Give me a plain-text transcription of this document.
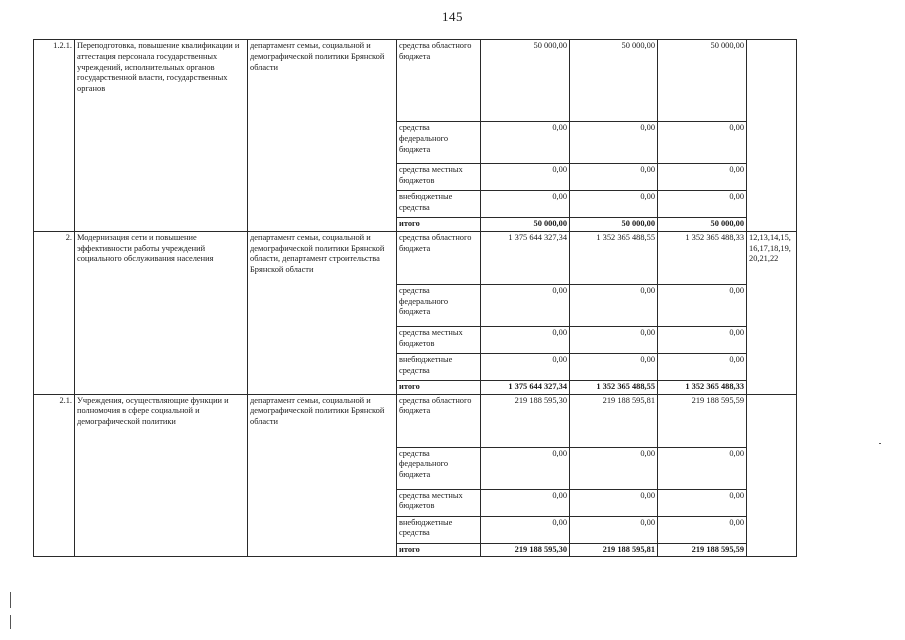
145
1.2.1.	Переподготовка, повышение квалификации и аттестация персонала государственных учреждений, исполнительных органов государственной власти, государственных органов	департамент семьи, социальной и демографической политики Брянской области	средства областного бюджета	50 000,00	50 000,00	50 000,00	
			средства федерального бюджета	0,00	0,00	0,00	
			средства местных бюджетов	0,00	0,00	0,00	
			внебюджетные средства	0,00	0,00	0,00	
			итого	50 000,00	50 000,00	50 000,00	
2.	Модернизация сети и повышение эффективности работы учреждений социального обслуживания населения	департамент семьи, социальной и демографической политики Брянской области, департамент строительства Брянской области	средства областного бюджета	1 375 644 327,34	1 352 365 488,55	1 352 365 488,33	12,13,14,15,16,17,18,19,20,21,22
			средства федерального бюджета	0,00	0,00	0,00	
			средства местных бюджетов	0,00	0,00	0,00	
			внебюджетные средства	0,00	0,00	0,00	
			итого	1 375 644 327,34	1 352 365 488,55	1 352 365 488,33	
2.1.	Учреждения, осуществляющие функции и полномочия в сфере социальной и демографической политики	департамент семьи, социальной и демографической политики Брянской области	средства областного бюджета	219 188 595,30	219 188 595,81	219 188 595,59	
			средства федерального бюджета	0,00	0,00	0,00	
			средства местных бюджетов	0,00	0,00	0,00	
			внебюджетные средства	0,00	0,00	0,00	
			итого	219 188 595,30	219 188 595,81	219 188 595,59	
